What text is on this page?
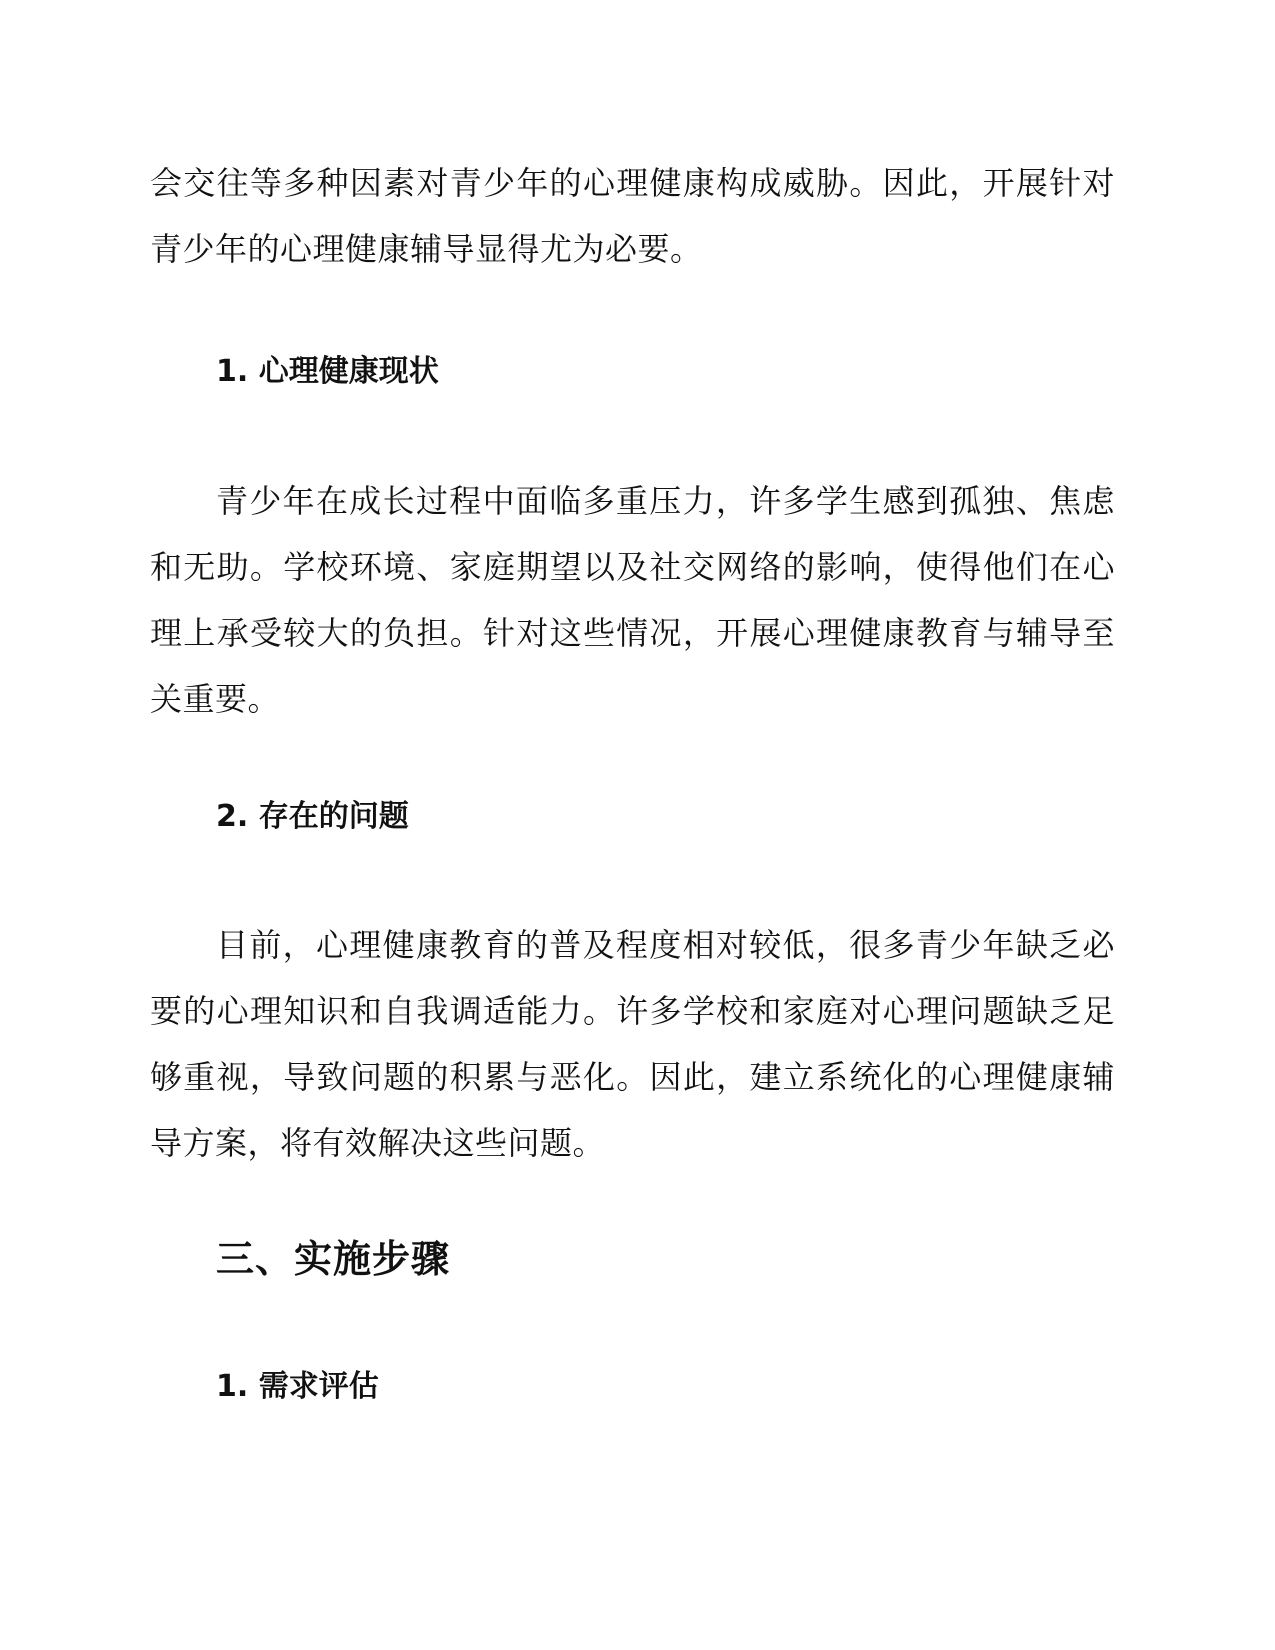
会交往等多种因素对青少年的心理健康构成威胁。因此，开展针对青少年的心理健康辅导显得尤为必要。

1. 心理健康现状

青少年在成长过程中面临多重压力，许多学生感到孤独、焦虑和无助。学校环境、家庭期望以及社交网络的影响，使得他们在心理上承受较大的负担。针对这些情况，开展心理健康教育与辅导至关重要。

2. 存在的问题

目前，心理健康教育的普及程度相对较低，很多青少年缺乏必要的心理知识和自我调适能力。许多学校和家庭对心理问题缺乏足够重视，导致问题的积累与恶化。因此，建立系统化的心理健康辅导方案，将有效解决这些问题。

三、实施步骤
1. 需求评估
